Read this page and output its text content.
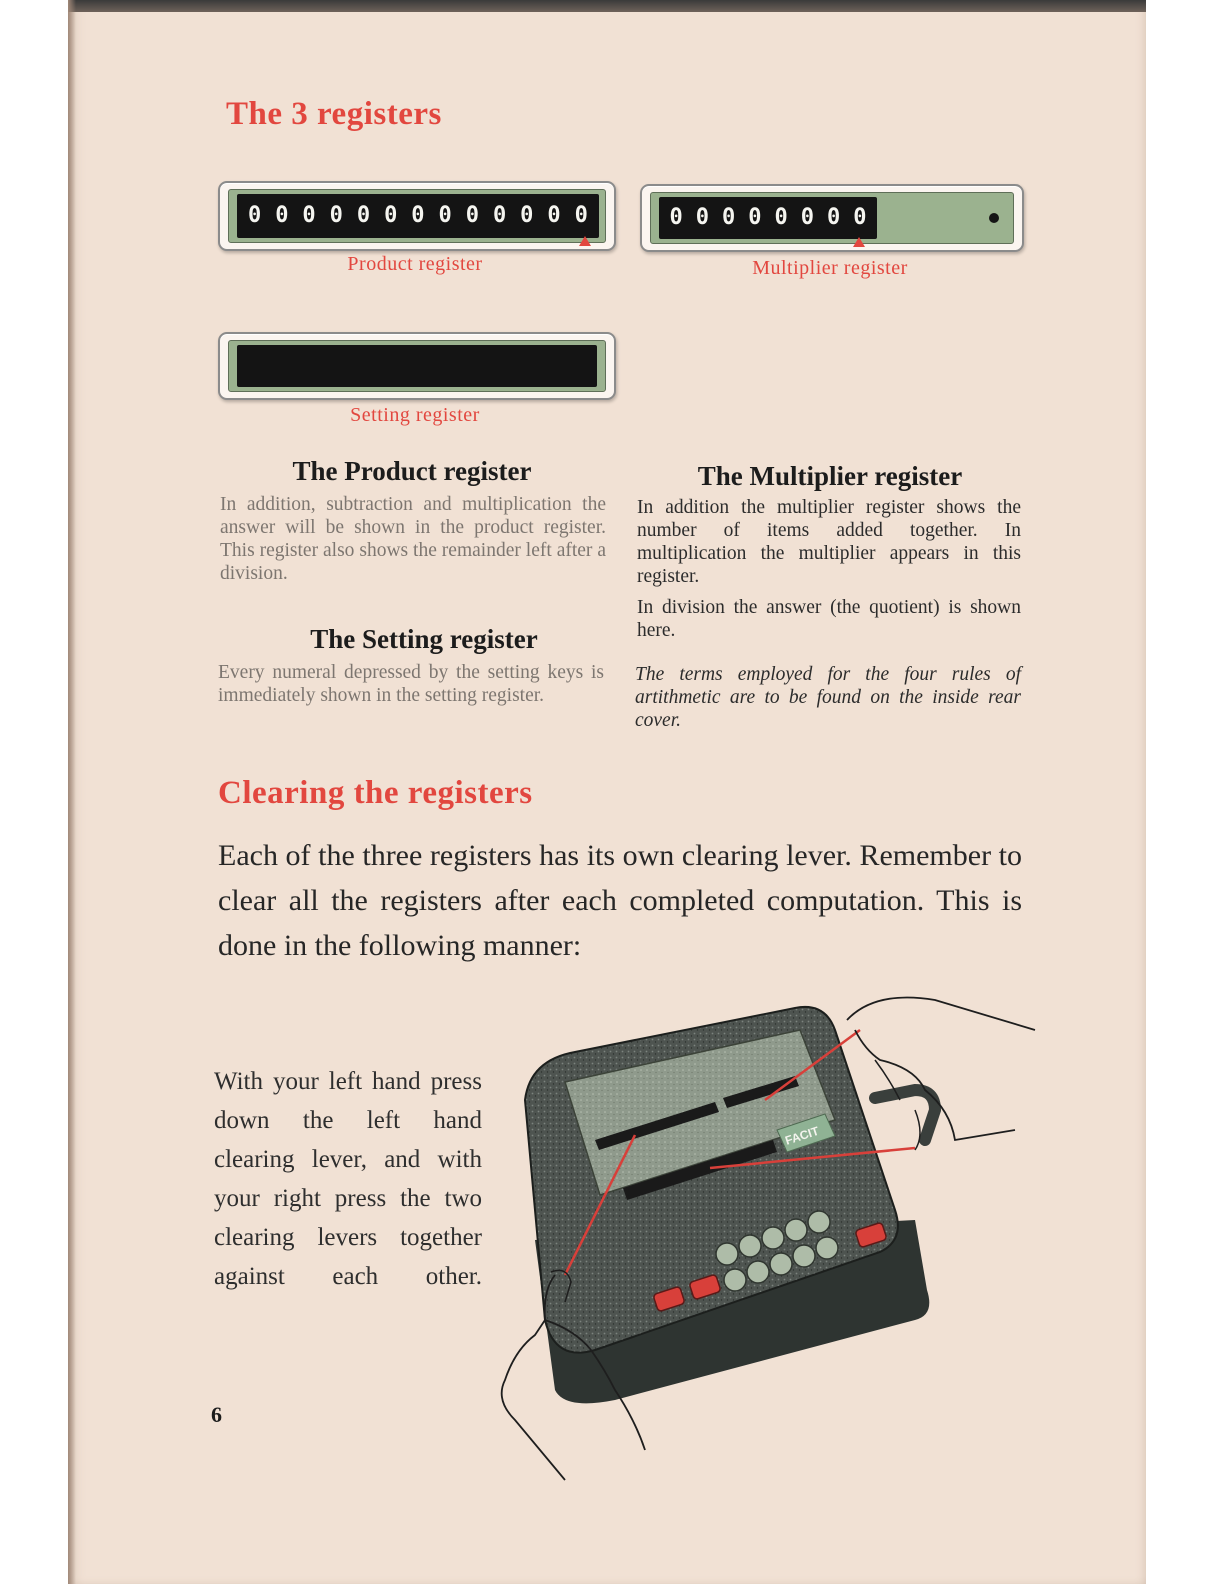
The 3 registers
0 0 0 0 0 0 0 0 0 0 0 0 0
Product register
0 0 0 0 0 0 0 0
Multiplier register
Setting register
The Product register

In addition, subtraction and multiplication the answer will be shown in the product register. This register also shows the remainder left after a division.

The Setting register

Every numeral depressed by the setting keys is immediately shown in the setting register.

The Multiplier register

In addition the multiplier register shows the number of items added together. In multiplication the multiplier appears in this register.

In division the answer (the quotient) is shown here.

The terms employed for the four rules of artithmetic are to be found on the inside rear cover.

Clearing the registers

Each of the three registers has its own clearing lever. Remember to clear all the registers after each completed computation. This is done in the following manner:

With your left hand press down the left hand clearing lever, and with your right press the two clearing levers together against each other.

FACIT
6
